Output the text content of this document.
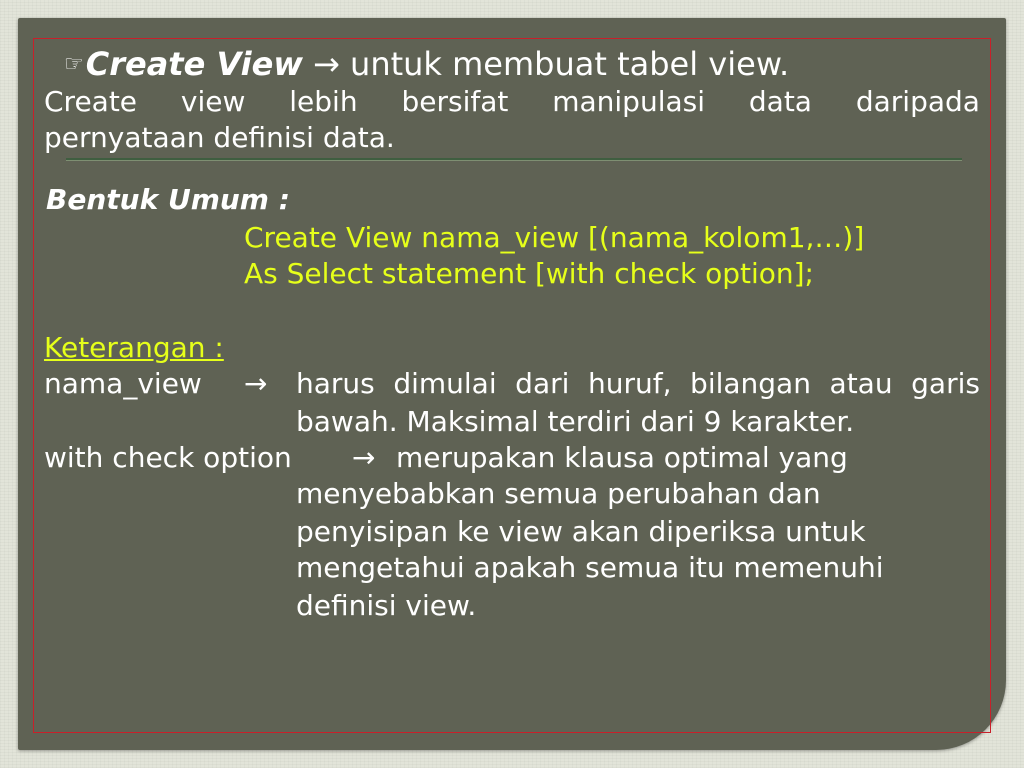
☞Create View → untuk membuat tabel view.
Create view lebih bersifat manipulasi data daripada
pernyataan definisi data.
Bentuk Umum :
Create View nama_view [(nama_kolom1,…)]
As Select statement [with check option];
Keterangan :
nama_view → harus dimulai dari huruf, bilangan atau garis
bawah. Maksimal terdiri dari 9 karakter.
with check option → merupakan klausa optimal yang
menyebabkan semua perubahan dan
penyisipan ke view akan diperiksa untuk
mengetahui apakah semua itu memenuhi
definisi view.
